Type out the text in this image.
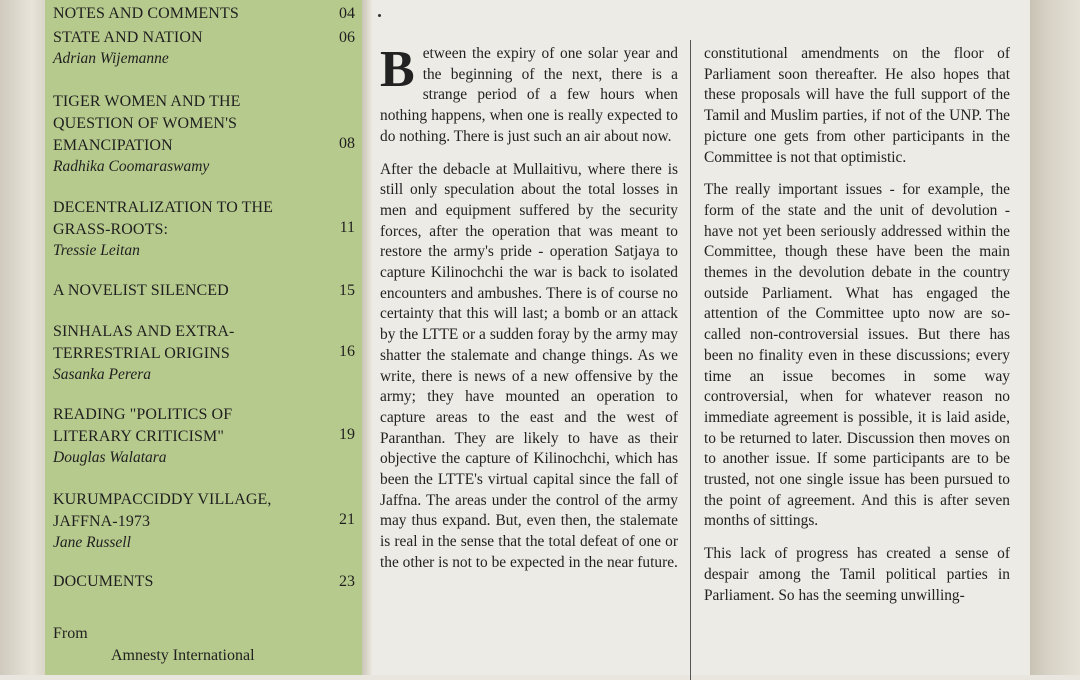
NOTES AND COMMENTS	04
STATE AND NATION
Adrian Wijemanne
06
TIGER WOMEN AND THE QUESTION OF WOMEN'S EMANCIPATION
Radhika Coomaraswamy
08
DECENTRALIZATION TO THE GRASS-ROOTS:
Tressie Leitan
11
A NOVELIST SILENCED	15
SINHALAS AND EXTRA-TERRESTRIAL ORIGINS
Sasanka Perera
16
READING "POLITICS OF LITERARY CRITICISM"
Douglas Walatara
19
KURUMPACCIDDY VILLAGE, JAFFNA-1973
Jane Russell
21
DOCUMENTS	23
From
Amnesty International

Between the expiry of one solar year and the beginning of the next, there is a strange period of a few hours when nothing happens, when one is really expected to do nothing. There is just such an air about now.

After the debacle at Mullaitivu, where there is still only speculation about the total losses in men and equipment suffered by the security forces, after the operation that was meant to restore the army's pride - operation Satjaya to capture Kilinochchi the war is back to isolated encounters and ambushes. There is of course no certainty that this will last; a bomb or an attack by the LTTE or a sudden foray by the army may shatter the stalemate and change things. As we write, there is news of a new offensive by the army; they have mounted an operation to capture areas to the east and the west of Paranthan. They are likely to have as their objective the capture of Kilinochchi, which has been the LTTE's virtual capital since the fall of Jaffna. The areas under the control of the army may thus expand. But, even then, the stalemate is real in the sense that the total defeat of one or the other is not to be expected in the near future.

constitutional amendments on the floor of Parliament soon thereafter. He also hopes that these proposals will have the full support of the Tamil and Muslim parties, if not of the UNP. The picture one gets from other participants in the Committee is not that optimistic.

The really important issues - for example, the form of the state and the unit of devolution - have not yet been seriously addressed within the Committee, though these have been the main themes in the devolution debate in the country outside Parliament. What has engaged the attention of the Committee upto now are so-called non-controversial issues. But there has been no finality even in these discussions; every time an issue becomes in some way controversial, when for whatever reason no immediate agreement is possible, it is laid aside, to be returned to later. Discussion then moves on to another issue. If some participants are to be trusted, not one single issue has been pursued to the point of agreement. And this is after seven months of sittings.

This lack of progress has created a sense of despair among the Tamil political parties in Parliament. So has the seeming unwilling-
